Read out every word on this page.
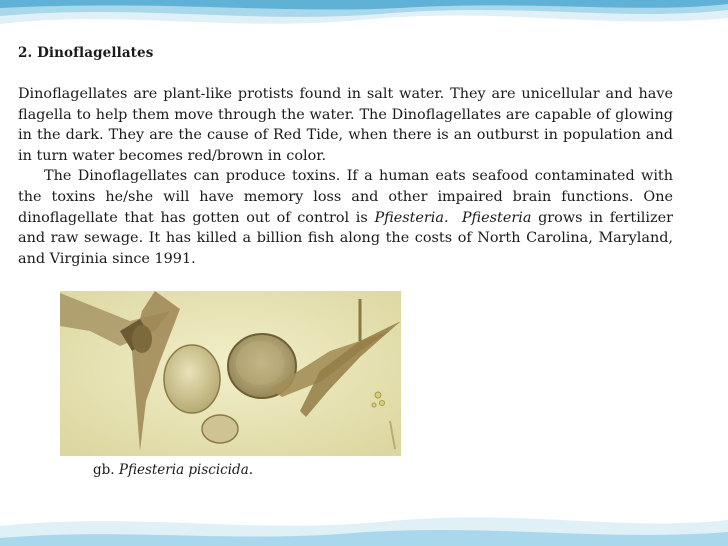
2. Dinoflagellates

Dinoflagellates are plant-like protists found in salt water. They are unicellular and have flagella to help them move through the water. The Dinoflagellates are capable of glowing in the dark. They are the cause of Red Tide, when there is an outburst in population and in turn water becomes red/brown in color.

The Dinoflagellates can produce toxins. If a human eats seafood contaminated with the toxins he/she will have memory loss and other impaired brain functions. One dinoflagellate that has gotten out of control is Pfiesteria. Pfiesteria grows in fertilizer and raw sewage. It has killed a billion fish along the costs of North Carolina, Maryland, and Virginia since 1991.

gb. Pfiesteria piscicida.
